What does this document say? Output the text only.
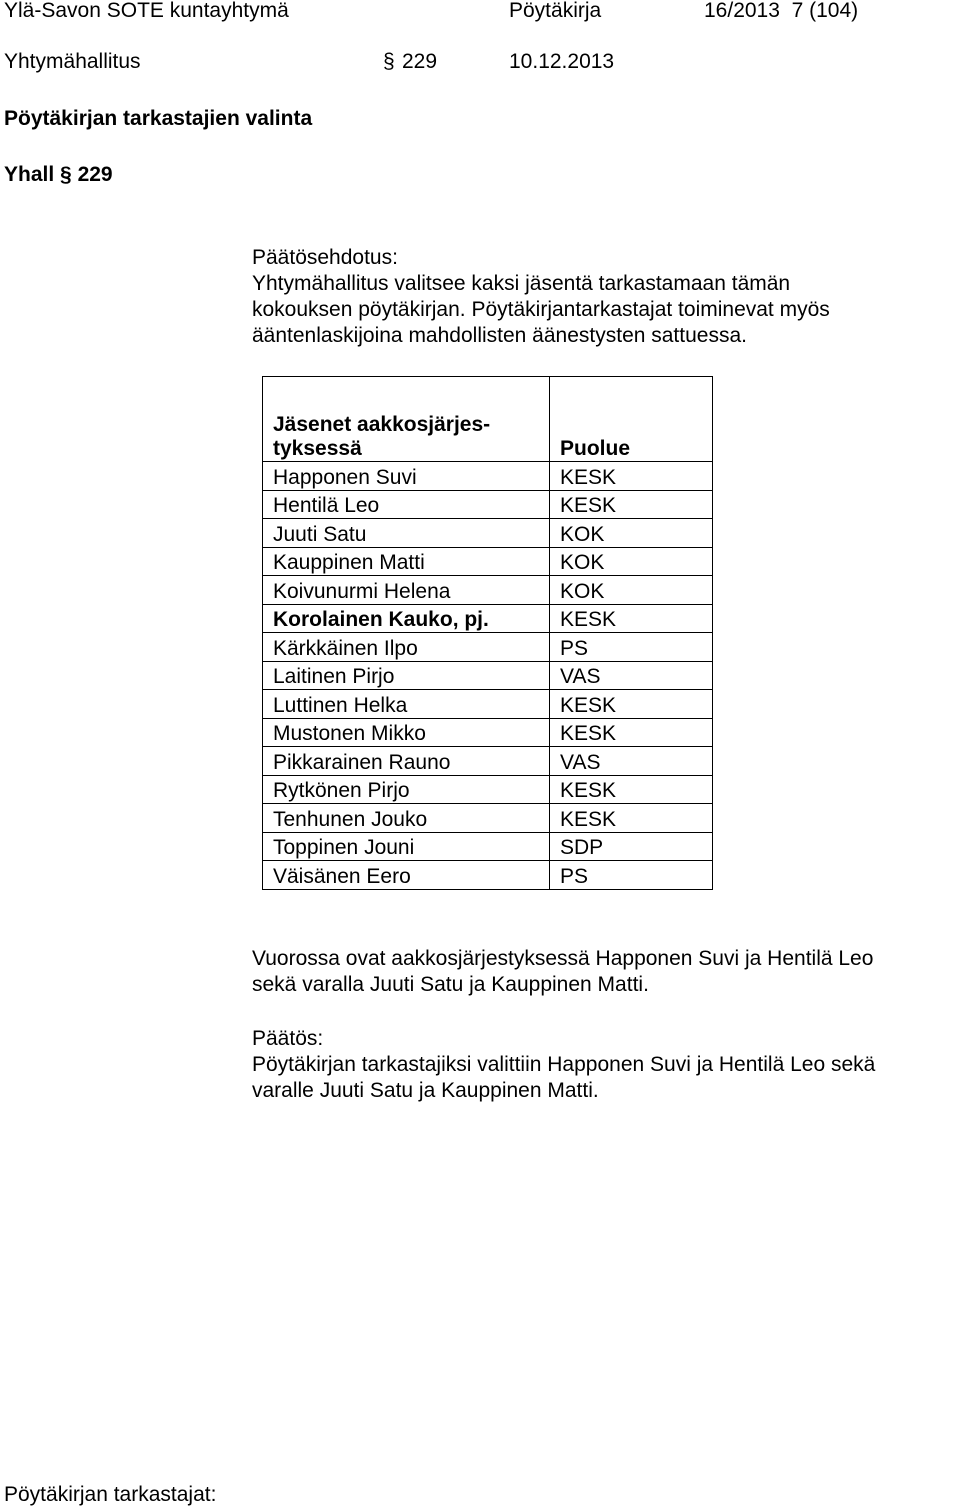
Ylä-Savon SOTE kuntayhtymä	Pöytäkirja	16/2013  7 (104)
Yhtymähallitus	§ 229	10.12.2013
Pöytäkirjan tarkastajien valinta
Yhall § 229
Päätösehdotus:
Yhtymähallitus valitsee kaksi jäsentä tarkastamaan tämän
kokouksen pöytäkirjan. Pöytäkirjantarkastajat toiminevat myös
ääntenlaskijoina mahdollisten äänestysten sattuessa.
Jäsenet aakkosjärjes-
tyksessä	Puolue
Happonen Suvi	KESK
Hentilä Leo	KESK
Juuti Satu	KOK
Kauppinen Matti	KOK
Koivunurmi Helena	KOK
Korolainen Kauko, pj.	KESK
Kärkkäinen Ilpo	PS
Laitinen Pirjo	VAS
Luttinen Helka	KESK
Mustonen Mikko	KESK
Pikkarainen Rauno	VAS
Rytkönen Pirjo	KESK
Tenhunen Jouko	KESK
Toppinen Jouni	SDP
Väisänen Eero	PS
Vuorossa ovat aakkosjärjestyksessä Happonen Suvi ja Hentilä Leo
sekä varalla Juuti Satu ja Kauppinen Matti.
Päätös:
Pöytäkirjan tarkastajiksi valittiin Happonen Suvi ja Hentilä Leo sekä
varalle Juuti Satu ja Kauppinen Matti.
Pöytäkirjan tarkastajat:
